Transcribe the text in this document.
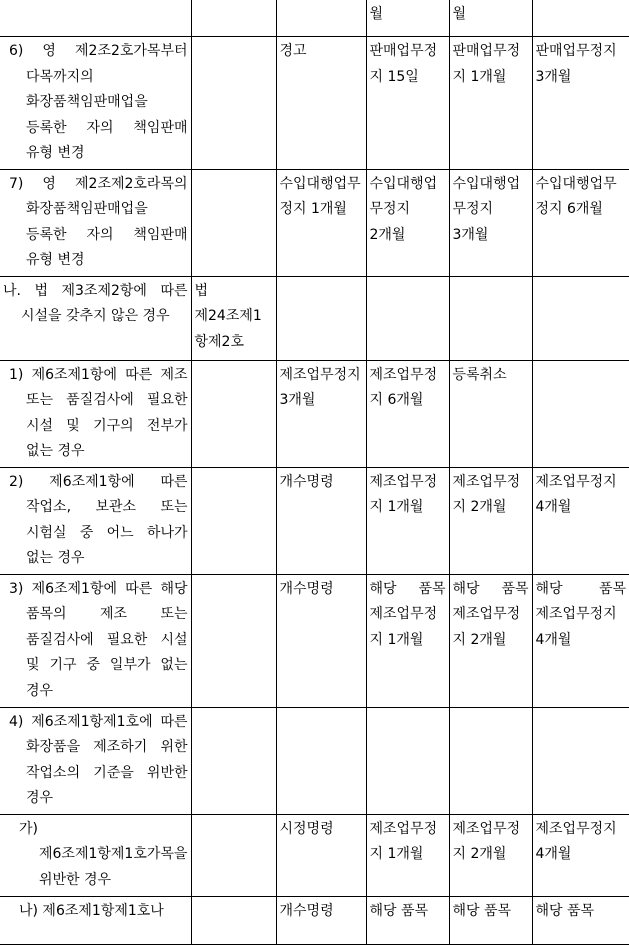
			월	월	

6) 영 제2조2호가목부터 다목까지의 화장품책임판매업을 등록한 자의 책임판매 유형 변경		경고	판매업무정지 15일	판매업무정지 1개월	판매업무정지 3개월

7) 영 제2조제2호라목의 화장품책임판매업을 등록한 자의 책임판매 유형 변경		수입대행업무정지 1개월	수입대행업무정지 2개월	수입대행업무정지 3개월	수입대행업무정지 6개월

나. 법 제3조제2항에 따른 시설을 갖추지 않은 경우	법 제24조제1항제2호				

1) 제6조제1항에 따른 제조 또는 품질검사에 필요한 시설 및 기구의 전부가 없는 경우		제조업무정지 3개월	제조업무정지 6개월	등록취소	

2) 제6조제1항에 따른 작업소, 보관소 또는 시험실 중 어느 하나가 없는 경우		개수명령	제조업무정지 1개월	제조업무정지 2개월	제조업무정지 4개월

3) 제6조제1항에 따른 해당 품목의 제조 또는 품질검사에 필요한 시설 및 기구 중 일부가 없는 경우		개수명령	해당 품목 제조업무정지 1개월	해당 품목 제조업무정지 2개월	해당 품목 제조업무정지 4개월

4) 제6조제1항제1호에 따른 화장품을 제조하기 위한 작업소의 기준을 위반한 경우					

가) 제6조제1항제1호가목을 위반한 경우		시정명령	제조업무정지 1개월	제조업무정지 2개월	제조업무정지 4개월

나) 제6조제1항제1호나		개수명령	해당 품목	해당 품목	해당 품목
